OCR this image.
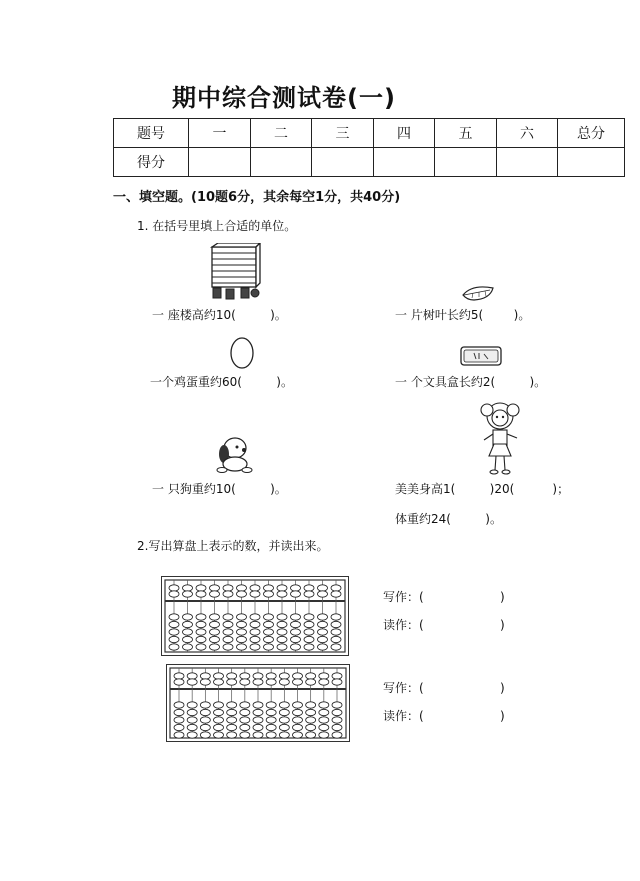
期中综合测试卷(一)
题号	一	二	三	四	五	六	总分
得分							
一、填空题。(10题6分，其余每空1分，共40分)
1. 在括号里填上合适的单位。
一 座楼高约10(         )。	一 片树叶长约5(        )。
一个鸡蛋重约60(         )。	一 个文具盒长约2(         )。
一 只狗重约10(         )。	美美身高1(         )20(          )；
体重约24(         )。
2.写出算盘上表示的数，并读出来。
写作：(                    )
读作：(                    )
写作：(                    )
读作：(                    )
